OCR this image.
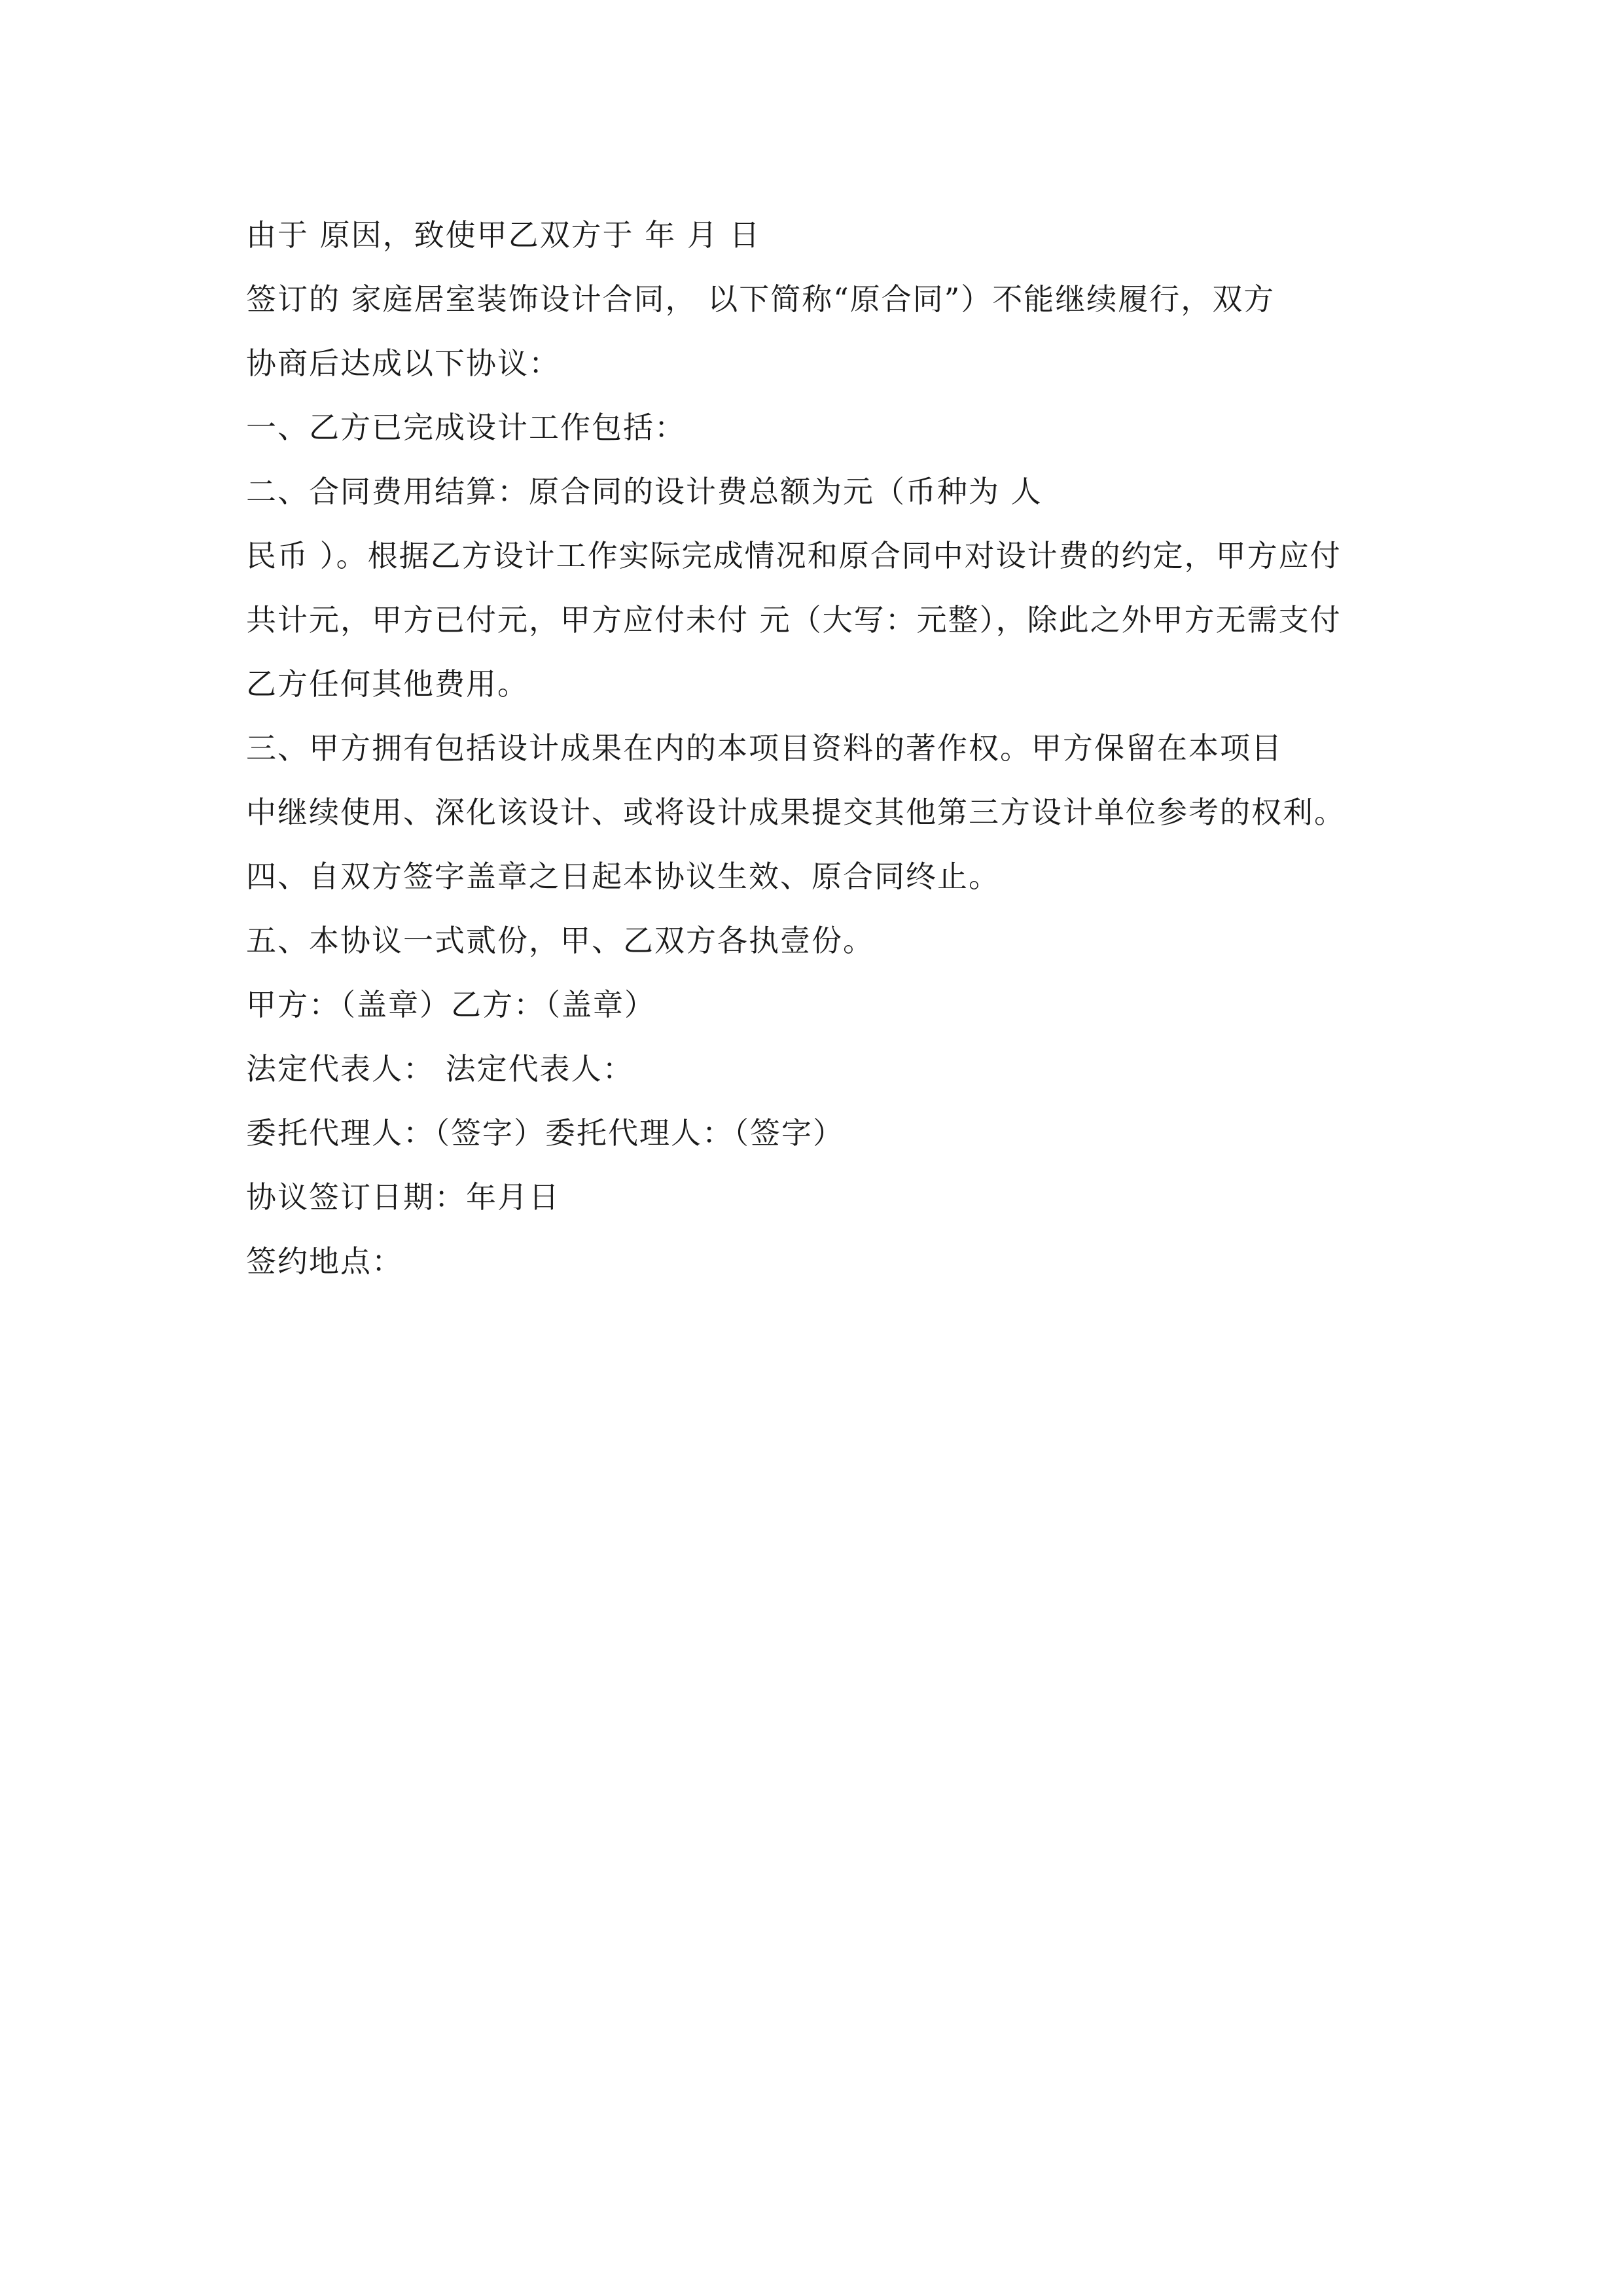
由于 原因，致使甲乙双方于 年 月 日
签订的 家庭居室装饰设计合同， 以下简称“原合同”）不能继续履行，双方
协商后达成以下协议：
一、乙方已完成设计工作包括：
二、合同费用结算：原合同的设计费总额为元（币种为 人
民币 ）。根据乙方设计工作实际完成情况和原合同中对设计费的约定，甲方应付
共计元，甲方已付元，甲方应付未付 元（大写：元整），除此之外甲方无需支付
乙方任何其他费用。
三、甲方拥有包括设计成果在内的本项目资料的著作权。甲方保留在本项目
中继续使用、深化该设计、或将设计成果提交其他第三方设计单位参考的权利。
四、自双方签字盖章之日起本协议生效、原合同终止。
五、本协议一式贰份，甲、乙双方各执壹份。
甲方：（盖章）乙方：（盖章）
法定代表人： 法定代表人：
委托代理人：（签字）委托代理人：（签字）
协议签订日期：年月日
签约地点：
